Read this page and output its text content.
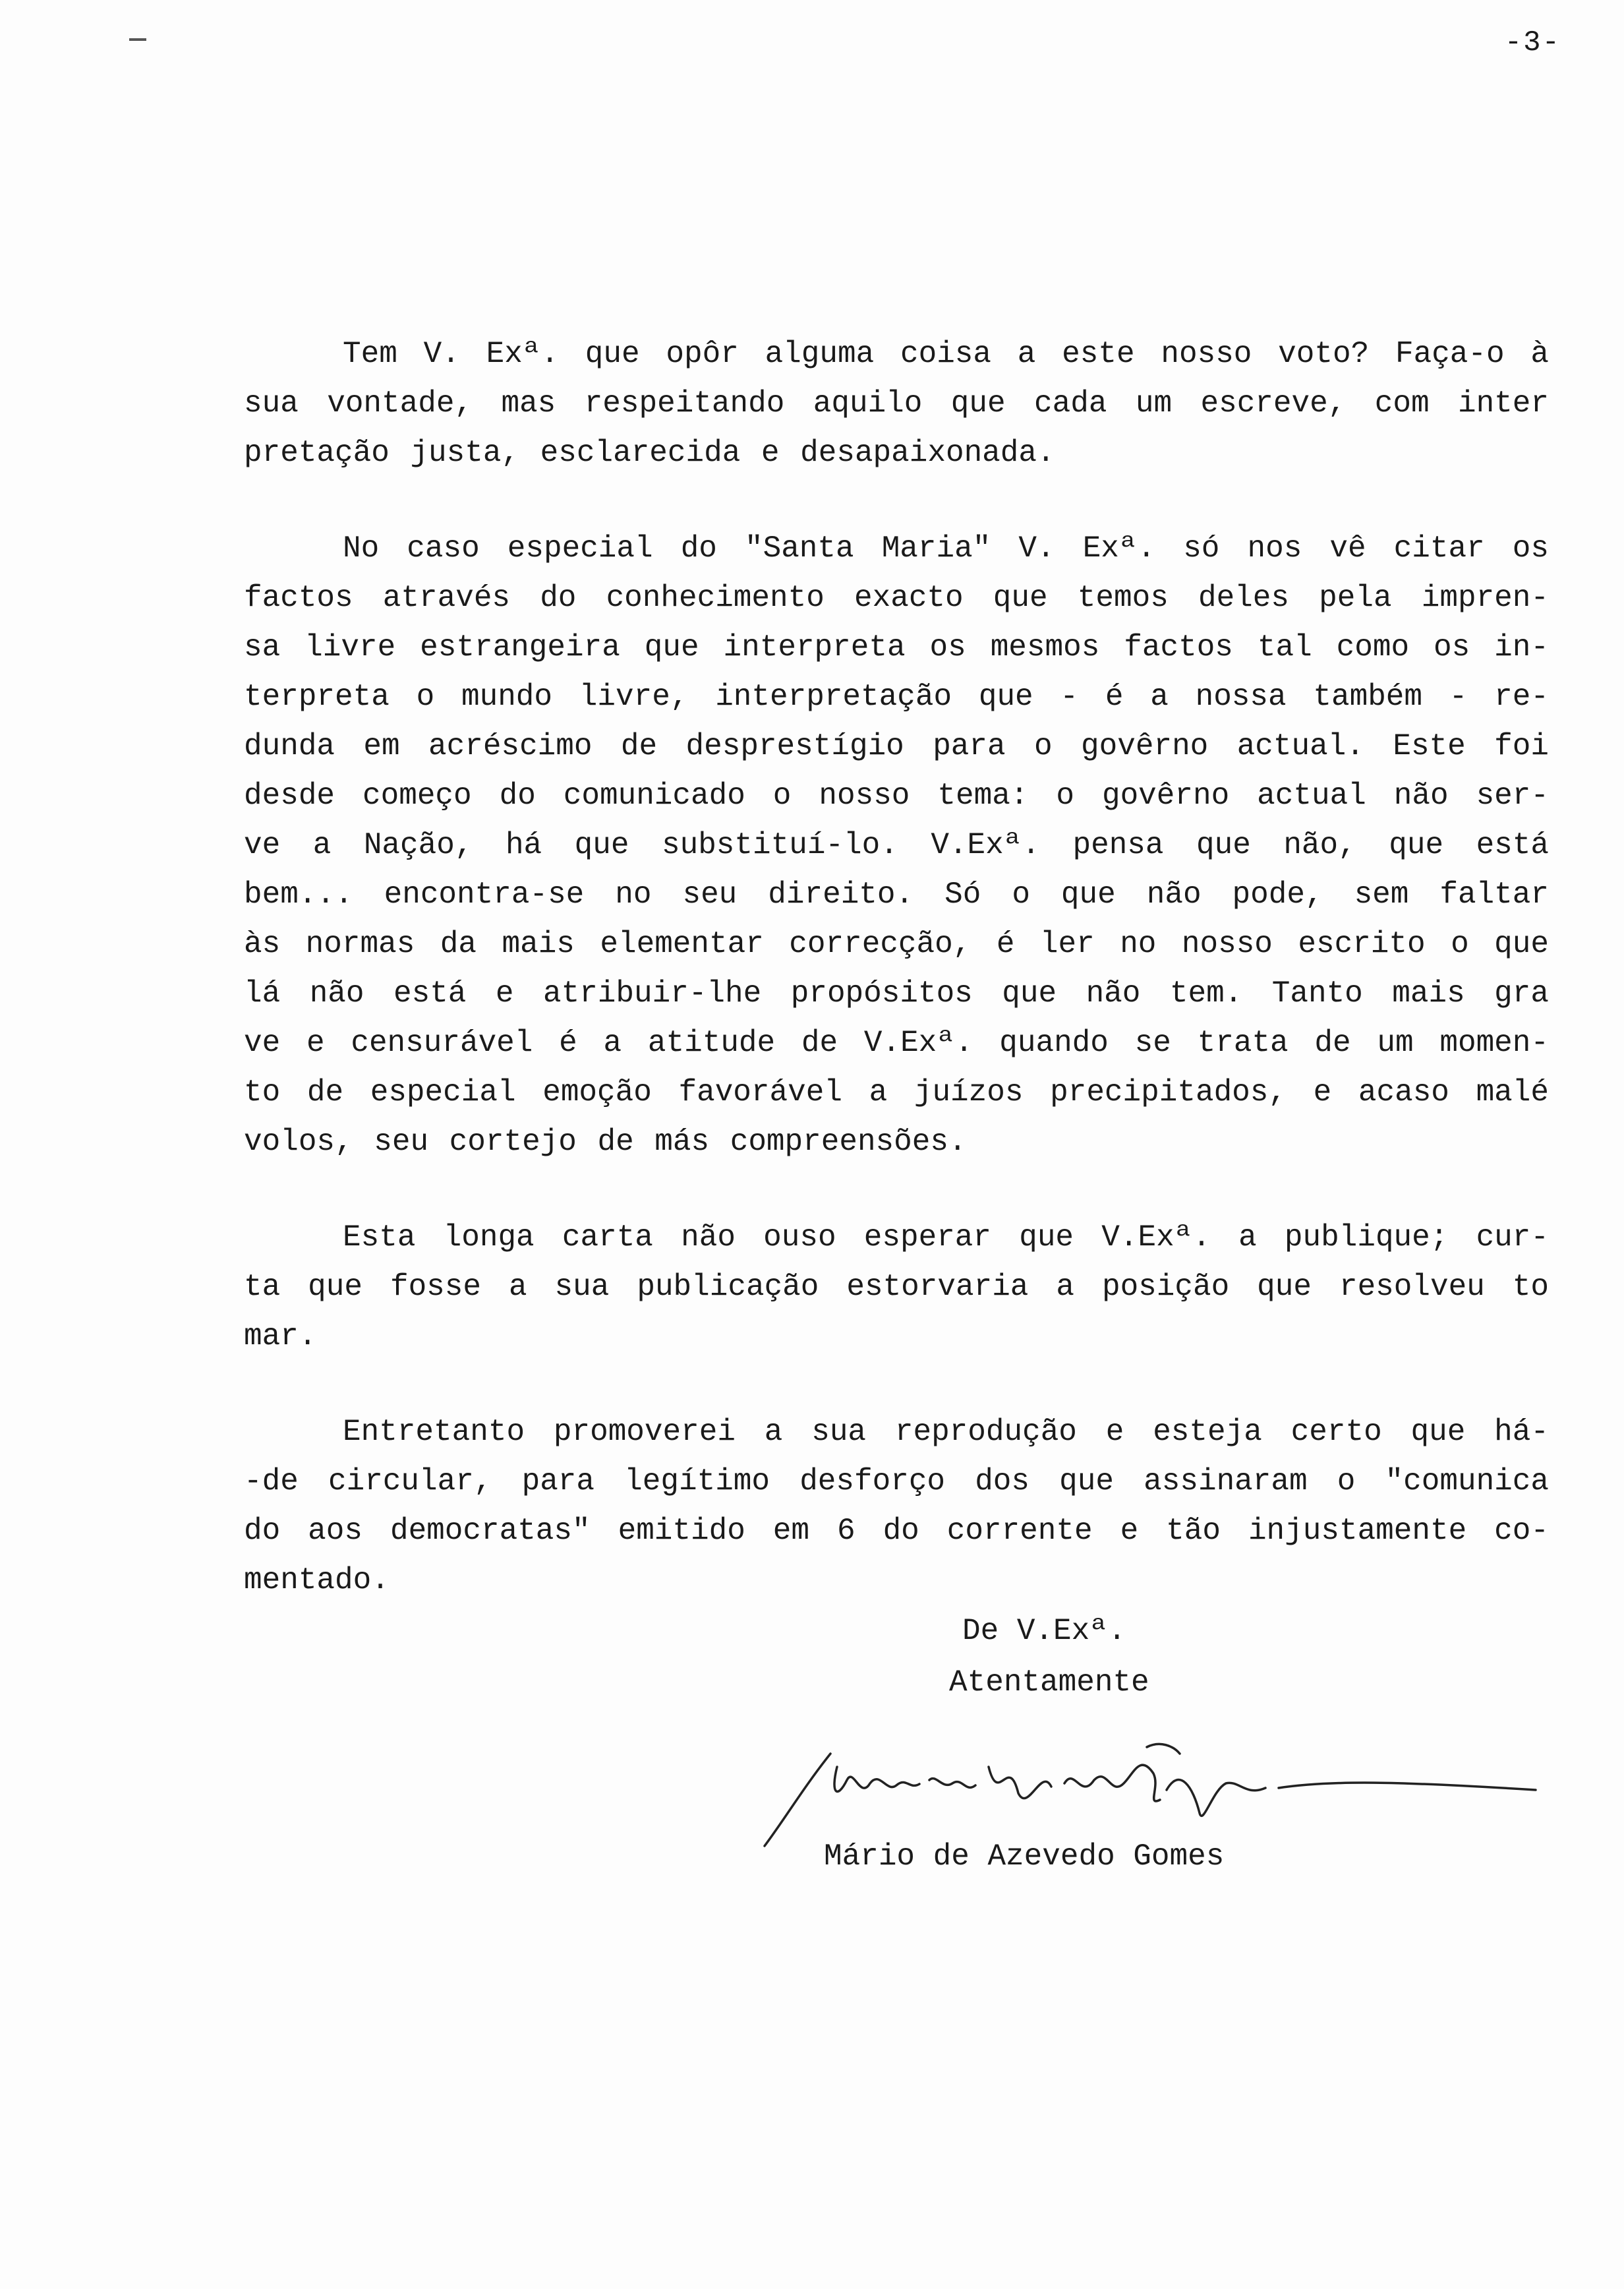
-3-

Tem V. Exª. que opôr alguma coisa a este nosso voto? Faça-o à
sua vontade, mas respeitando aquilo que cada um escreve, com inter
pretação justa, esclarecida e desapaixonada.

No caso especial do "Santa Maria" V. Exª. só nos vê citar os
factos através do conhecimento exacto que temos deles pela impren-
sa livre estrangeira que interpreta os mesmos factos tal como os in-
terpreta o mundo livre, interpretação que - é a nossa também - re-
dunda em acréscimo de desprestígio para o govêrno actual. Este foi
desde começo do comunicado o nosso tema: o govêrno actual não ser-
ve a Nação, há que substituí-lo. V.Exª. pensa que não, que está
bem... encontra-se no seu direito. Só o que não pode, sem faltar
às normas da mais elementar correcção, é ler no nosso escrito o que
lá não está e atribuir-lhe propósitos que não tem. Tanto mais gra
ve e censurável é a atitude de V.Exª. quando se trata de um momen-
to de especial emoção favorável a juízos precipitados, e acaso malé
volos, seu cortejo de más compreensões.

Esta longa carta não ouso esperar que V.Exª. a publique; cur-
ta que fosse a sua publicação estorvaria a posição que resolveu to
mar.

Entretanto promoverei a sua reprodução e esteja certo que há-
-de circular, para legítimo desforço dos que assinaram o "comunica
do aos democratas" emitido em 6 do corrente e tão injustamente co-
mentado.

De V.Exª.
Atentamente
Mário de Azevedo Gomes
